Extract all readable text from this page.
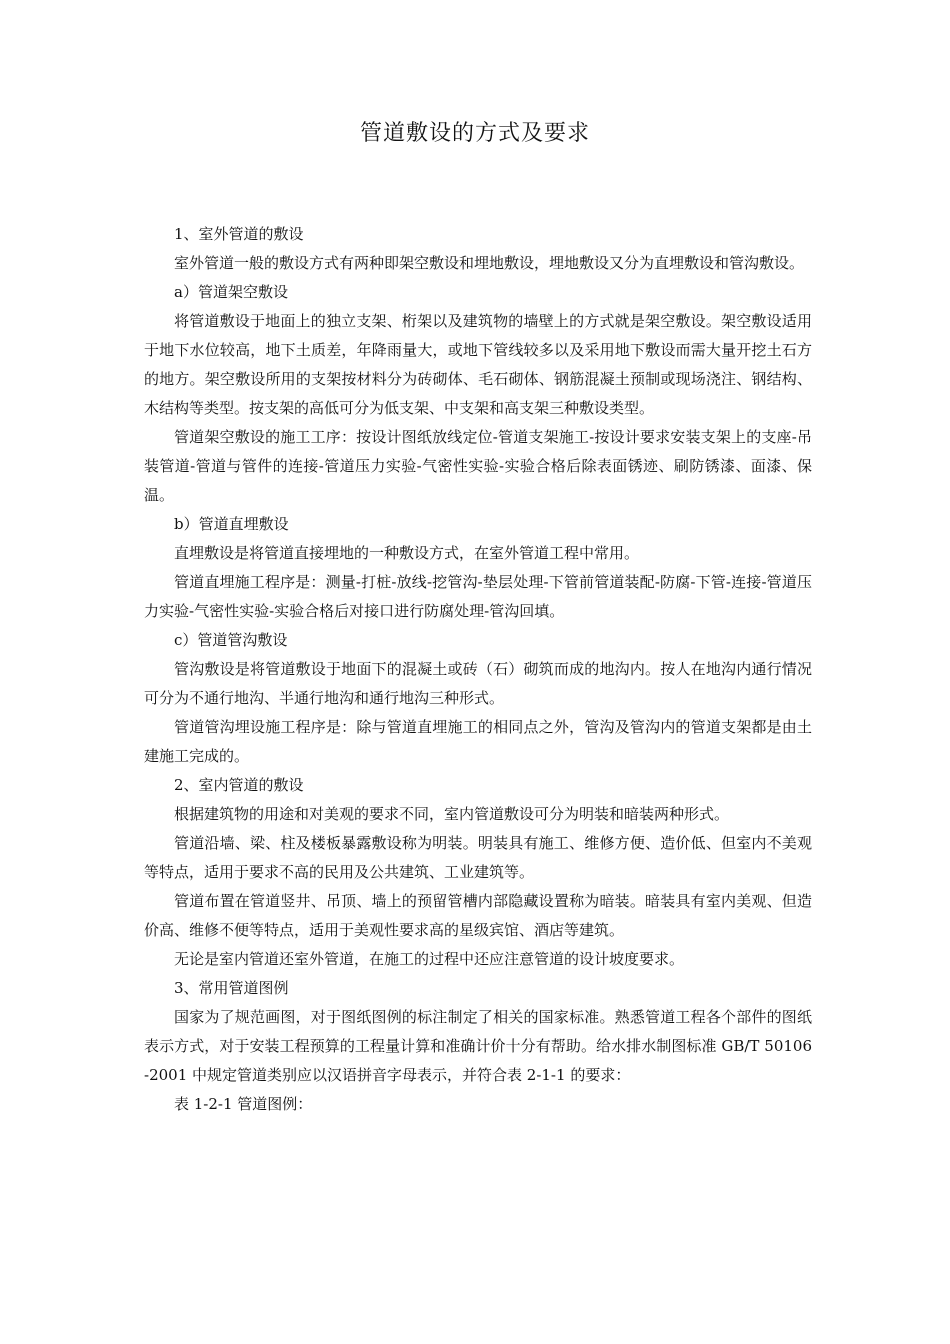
管道敷设的方式及要求

1、室外管道的敷设

室外管道一般的敷设方式有两种即架空敷设和埋地敷设，埋地敷设又分为直埋敷设和管沟敷设。

a）管道架空敷设

将管道敷设于地面上的独立支架、桁架以及建筑物的墙壁上的方式就是架空敷设。架空敷设适用于地下水位较高，地下土质差，年降雨量大，或地下管线较多以及采用地下敷设而需大量开挖土石方的地方。架空敷设所用的支架按材料分为砖砌体、毛石砌体、钢筋混凝土预制或现场浇注、钢结构、木结构等类型。按支架的高低可分为低支架、中支架和高支架三种敷设类型。

管道架空敷设的施工工序：按设计图纸放线定位-管道支架施工-按设计要求安装支架上的支座-吊装管道-管道与管件的连接-管道压力实验-气密性实验-实验合格后除表面锈迹、刷防锈漆、面漆、保温。

b）管道直埋敷设

直埋敷设是将管道直接埋地的一种敷设方式，在室外管道工程中常用。

管道直埋施工程序是：测量-打桩-放线-挖管沟-垫层处理-下管前管道装配-防腐-下管-连接-管道压力实验-气密性实验-实验合格后对接口进行防腐处理-管沟回填。

c）管道管沟敷设

管沟敷设是将管道敷设于地面下的混凝土或砖（石）砌筑而成的地沟内。按人在地沟内通行情况可分为不通行地沟、半通行地沟和通行地沟三种形式。

管道管沟埋设施工程序是：除与管道直埋施工的相同点之外，管沟及管沟内的管道支架都是由土建施工完成的。

2、室内管道的敷设

根据建筑物的用途和对美观的要求不同，室内管道敷设可分为明装和暗装两种形式。

管道沿墙、梁、柱及楼板暴露敷设称为明装。明装具有施工、维修方便、造价低、但室内不美观等特点，适用于要求不高的民用及公共建筑、工业建筑等。

管道布置在管道竖井、吊顶、墙上的预留管槽内部隐藏设置称为暗装。暗装具有室内美观、但造价高、维修不便等特点，适用于美观性要求高的星级宾馆、酒店等建筑。

无论是室内管道还室外管道，在施工的过程中还应注意管道的设计坡度要求。

3、常用管道图例

国家为了规范画图，对于图纸图例的标注制定了相关的国家标准。熟悉管道工程各个部件的图纸表示方式，对于安装工程预算的工程量计算和准确计价十分有帮助。给水排水制图标准 GB/T 50106-2001 中规定管道类别应以汉语拼音字母表示，并符合表 2-1-1 的要求：

表 1-2-1 管道图例：
